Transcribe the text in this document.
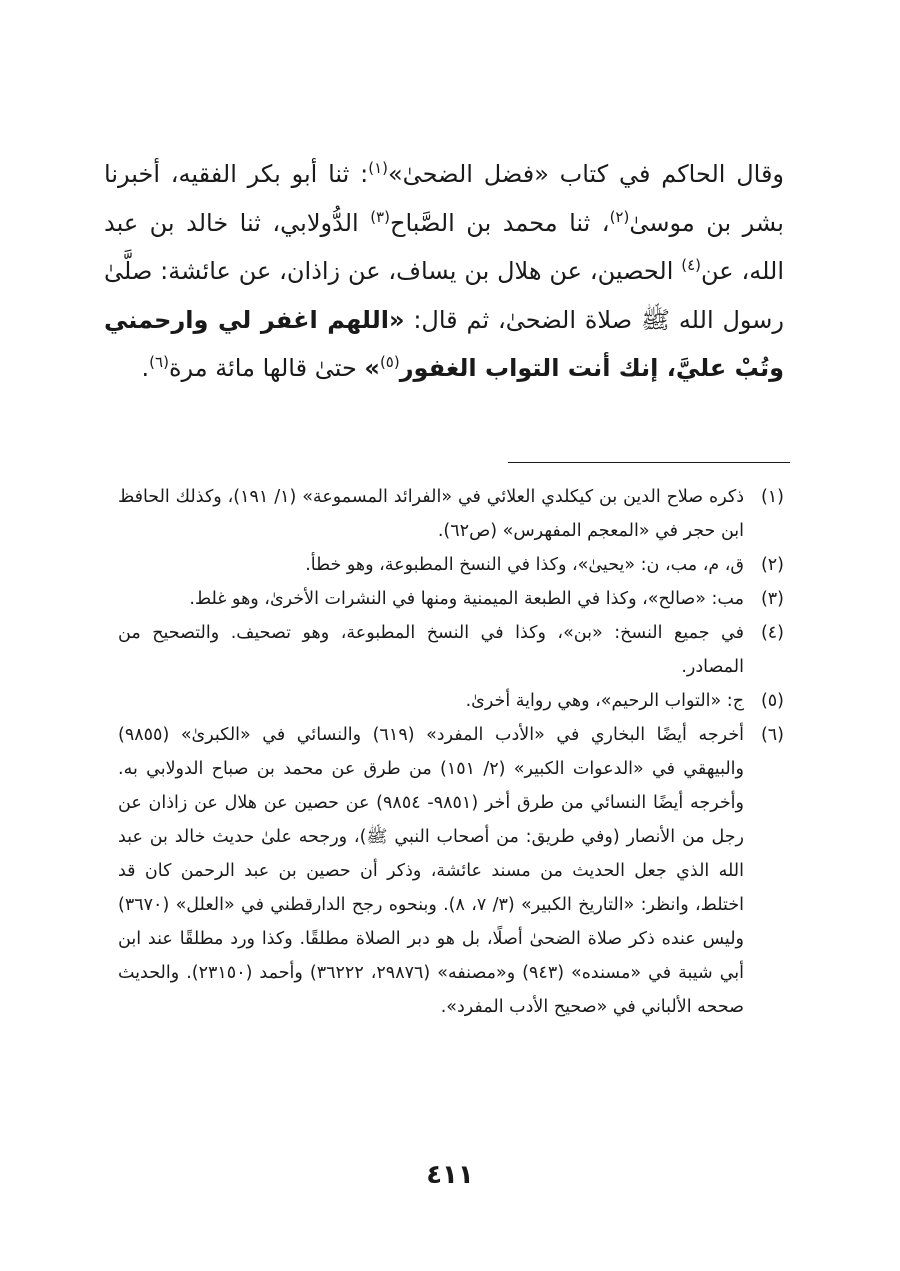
وقال الحاكم في كتاب «فضل الضحىٰ»$^{(١)}$: ثنا أبو بكر الفقيه، أخبرنا بشر بن موسىٰ$^{(٢)}$، ثنا محمد بن الصَّباح$^{(٣)}$ الدُّولابي، ثنا خالد بن عبد الله، عن$^{(٤)}$ الحصين، عن هلال بن يساف، عن زاذان، عن عائشة: صلَّىٰ رسول الله ﷺ صلاة الضحىٰ، ثم قال: «اللهم اغفر لي وارحمني وتُبْ عليَّ، إنك أنت التواب الغفور$^{(٥)}$» حتىٰ قالها مائة مرة$^{(٦)}$.

(١)
ذكره صلاح الدين بن كيكلدي العلائي في «الفرائد المسموعة» (١/ ١٩١)، وكذلك الحافظ ابن حجر في «المعجم المفهرس» (ص٦٢).
(٢)
ق، م، مب، ن: «يحيىٰ»، وكذا في النسخ المطبوعة، وهو خطأ.
(٣)
مب: «صالح»، وكذا في الطبعة الميمنية ومنها في النشرات الأخرىٰ، وهو غلط.
(٤)
في جميع النسخ: «بن»، وكذا في النسخ المطبوعة، وهو تصحيف. والتصحيح من المصادر.
(٥)
ج: «التواب الرحيم»، وهي رواية أخرىٰ.
(٦)
أخرجه أيضًا البخاري في «الأدب المفرد» (٦١٩) والنسائي في «الكبرىٰ» (٩٨٥٥) والبيهقي في «الدعوات الكبير» (٢/ ١٥١) من طرق عن محمد بن صباح الدولابي به. وأخرجه أيضًا النسائي من طرق أخر (٩٨٥١- ٩٨٥٤) عن حصين عن هلال عن زاذان عن رجل من الأنصار (وفي طريق: من أصحاب النبي ﷺ)، ورجحه علىٰ حديث خالد بن عبد الله الذي جعل الحديث من مسند عائشة، وذكر أن حصين بن عبد الرحمن كان قد اختلط، وانظر: «التاريخ الكبير» (٣/ ٧، ٨). وبنحوه رجح الدارقطني في «العلل» (٣٦٧٠) وليس عنده ذكر صلاة الضحىٰ أصلًا، بل هو دبر الصلاة مطلقًا. وكذا ورد مطلقًا عند ابن أبي شيبة في «مسنده» (٩٤٣) و«مصنفه» (٢٩٨٧٦، ٣٦٢٢٢) وأحمد (٢٣١٥٠). والحديث صححه الألباني في «صحيح الأدب المفرد».
٤١١
